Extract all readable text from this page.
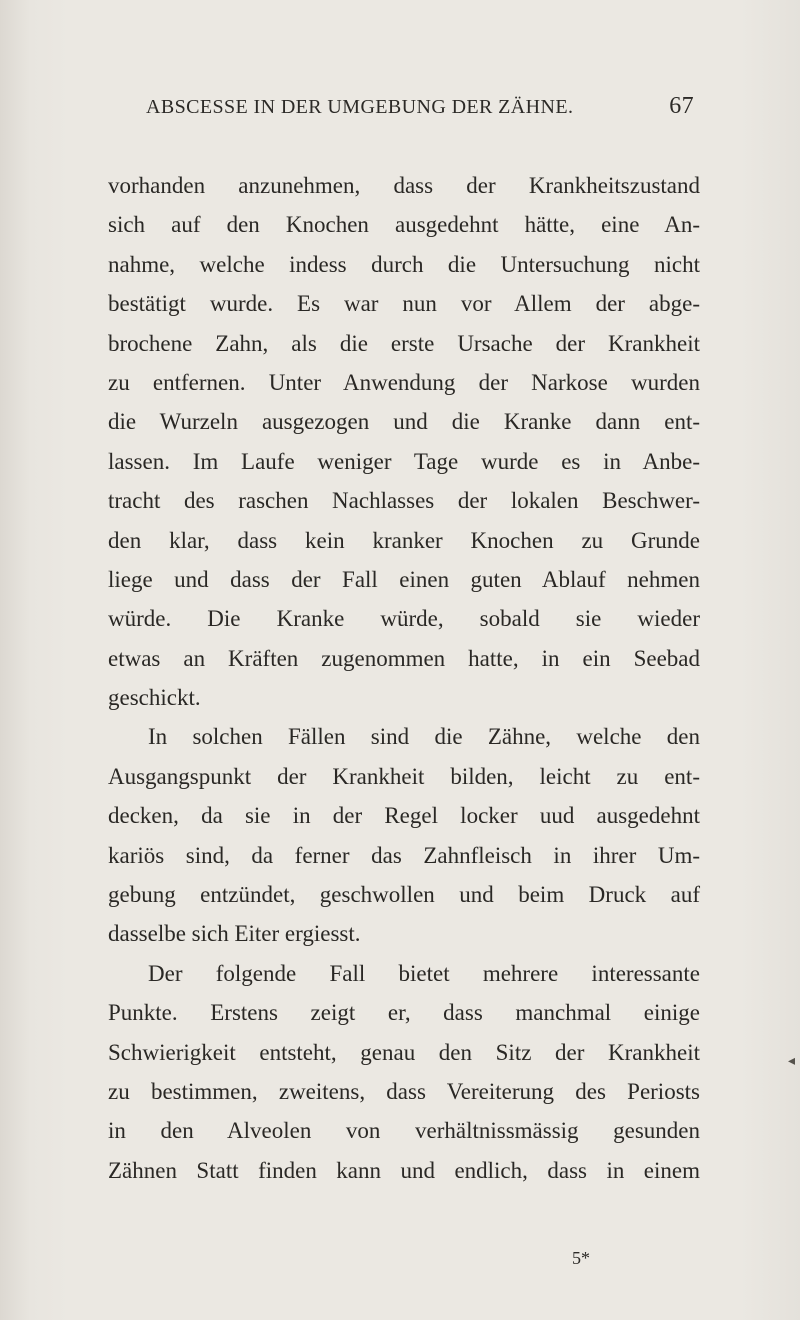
ABSCESSE IN DER UMGEBUNG DER ZÄHNE.	67
vorhanden anzunehmen, dass der Krankheitszustand
sich auf den Knochen ausgedehnt hätte, eine An-
nahme, welche indess durch die Untersuchung nicht
bestätigt wurde. Es war nun vor Allem der abge-
brochene Zahn, als die erste Ursache der Krankheit
zu entfernen. Unter Anwendung der Narkose wurden
die Wurzeln ausgezogen und die Kranke dann ent-
lassen. Im Laufe weniger Tage wurde es in Anbe-
tracht des raschen Nachlasses der lokalen Beschwer-
den klar, dass kein kranker Knochen zu Grunde
liege und dass der Fall einen guten Ablauf nehmen
würde. Die Kranke würde, sobald sie wieder
etwas an Kräften zugenommen hatte, in ein Seebad
geschickt.
In solchen Fällen sind die Zähne, welche den
Ausgangspunkt der Krankheit bilden, leicht zu ent-
decken, da sie in der Regel locker uud ausgedehnt
kariös sind, da ferner das Zahnfleisch in ihrer Um-
gebung entzündet, geschwollen und beim Druck auf
dasselbe sich Eiter ergiesst.
Der folgende Fall bietet mehrere interessante
Punkte. Erstens zeigt er, dass manchmal einige
Schwierigkeit entsteht, genau den Sitz der Krankheit
zu bestimmen, zweitens, dass Vereiterung des Periosts
in den Alveolen von verhältnissmässig gesunden
Zähnen Statt finden kann und endlich, dass in einem
5*
◂
